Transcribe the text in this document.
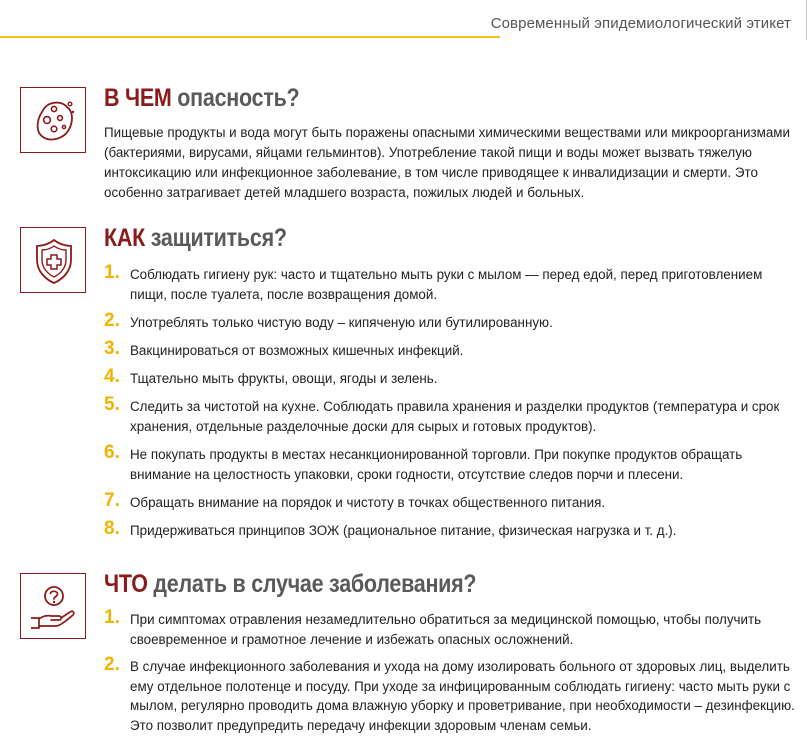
Современный эпидемиологический этикет
В ЧЕМ опасность?

Пищевые продукты и вода могут быть поражены опасными химическими веществами или микроорганизмами (бактериями, вирусами, яйцами гельминтов). Употребление такой пищи и воды может вызвать тяжелую интоксикацию или инфекционное заболевание, в том числе приводящее к инвалидизации и смерти. Это особенно затрагивает детей младшего возраста, пожилых людей и больных.

КАК защититься?
1. Соблюдать гигиену рук: часто и тщательно мыть руки с мылом — перед едой, перед приготовлением пищи, после туалета, после возвращения домой.

2. Употреблять только чистую воду – кипяченую или бутилированную.

3. Вакцинироваться от возможных кишечных инфекций.

4. Тщательно мыть фрукты, овощи, ягоды и зелень.

5. Следить за чистотой на кухне. Соблюдать правила хранения и разделки продуктов (температура и срок хранения, отдельные разделочные доски для сырых и готовых продуктов).

6. Не покупать продукты в местах несанкционированной торговли. При покупке продуктов обращать внимание на целостность упаковки, сроки годности, отсутствие следов порчи и плесени.

7. Обращать внимание на порядок и чистоту в точках общественного питания.

8. Придерживаться принципов ЗОЖ (рациональное питание, физическая нагрузка и т. д.).

ЧТО делать в случае заболевания?
1. При симптомах отравления незамедлительно обратиться за медицинской помощью, чтобы получить своевременное и грамотное лечение и избежать опасных осложнений.

2. В случае инфекционного заболевания и ухода на дому изолировать больного от здоровых лиц, выделить ему отдельное полотенце и посуду. При уходе за инфицированным соблюдать гигиену: часто мыть руки с мылом, регулярно проводить дома влажную уборку и проветривание, при необходимости – дезинфекцию. Это позволит предупредить передачу инфекции здоровым членам семьи.
